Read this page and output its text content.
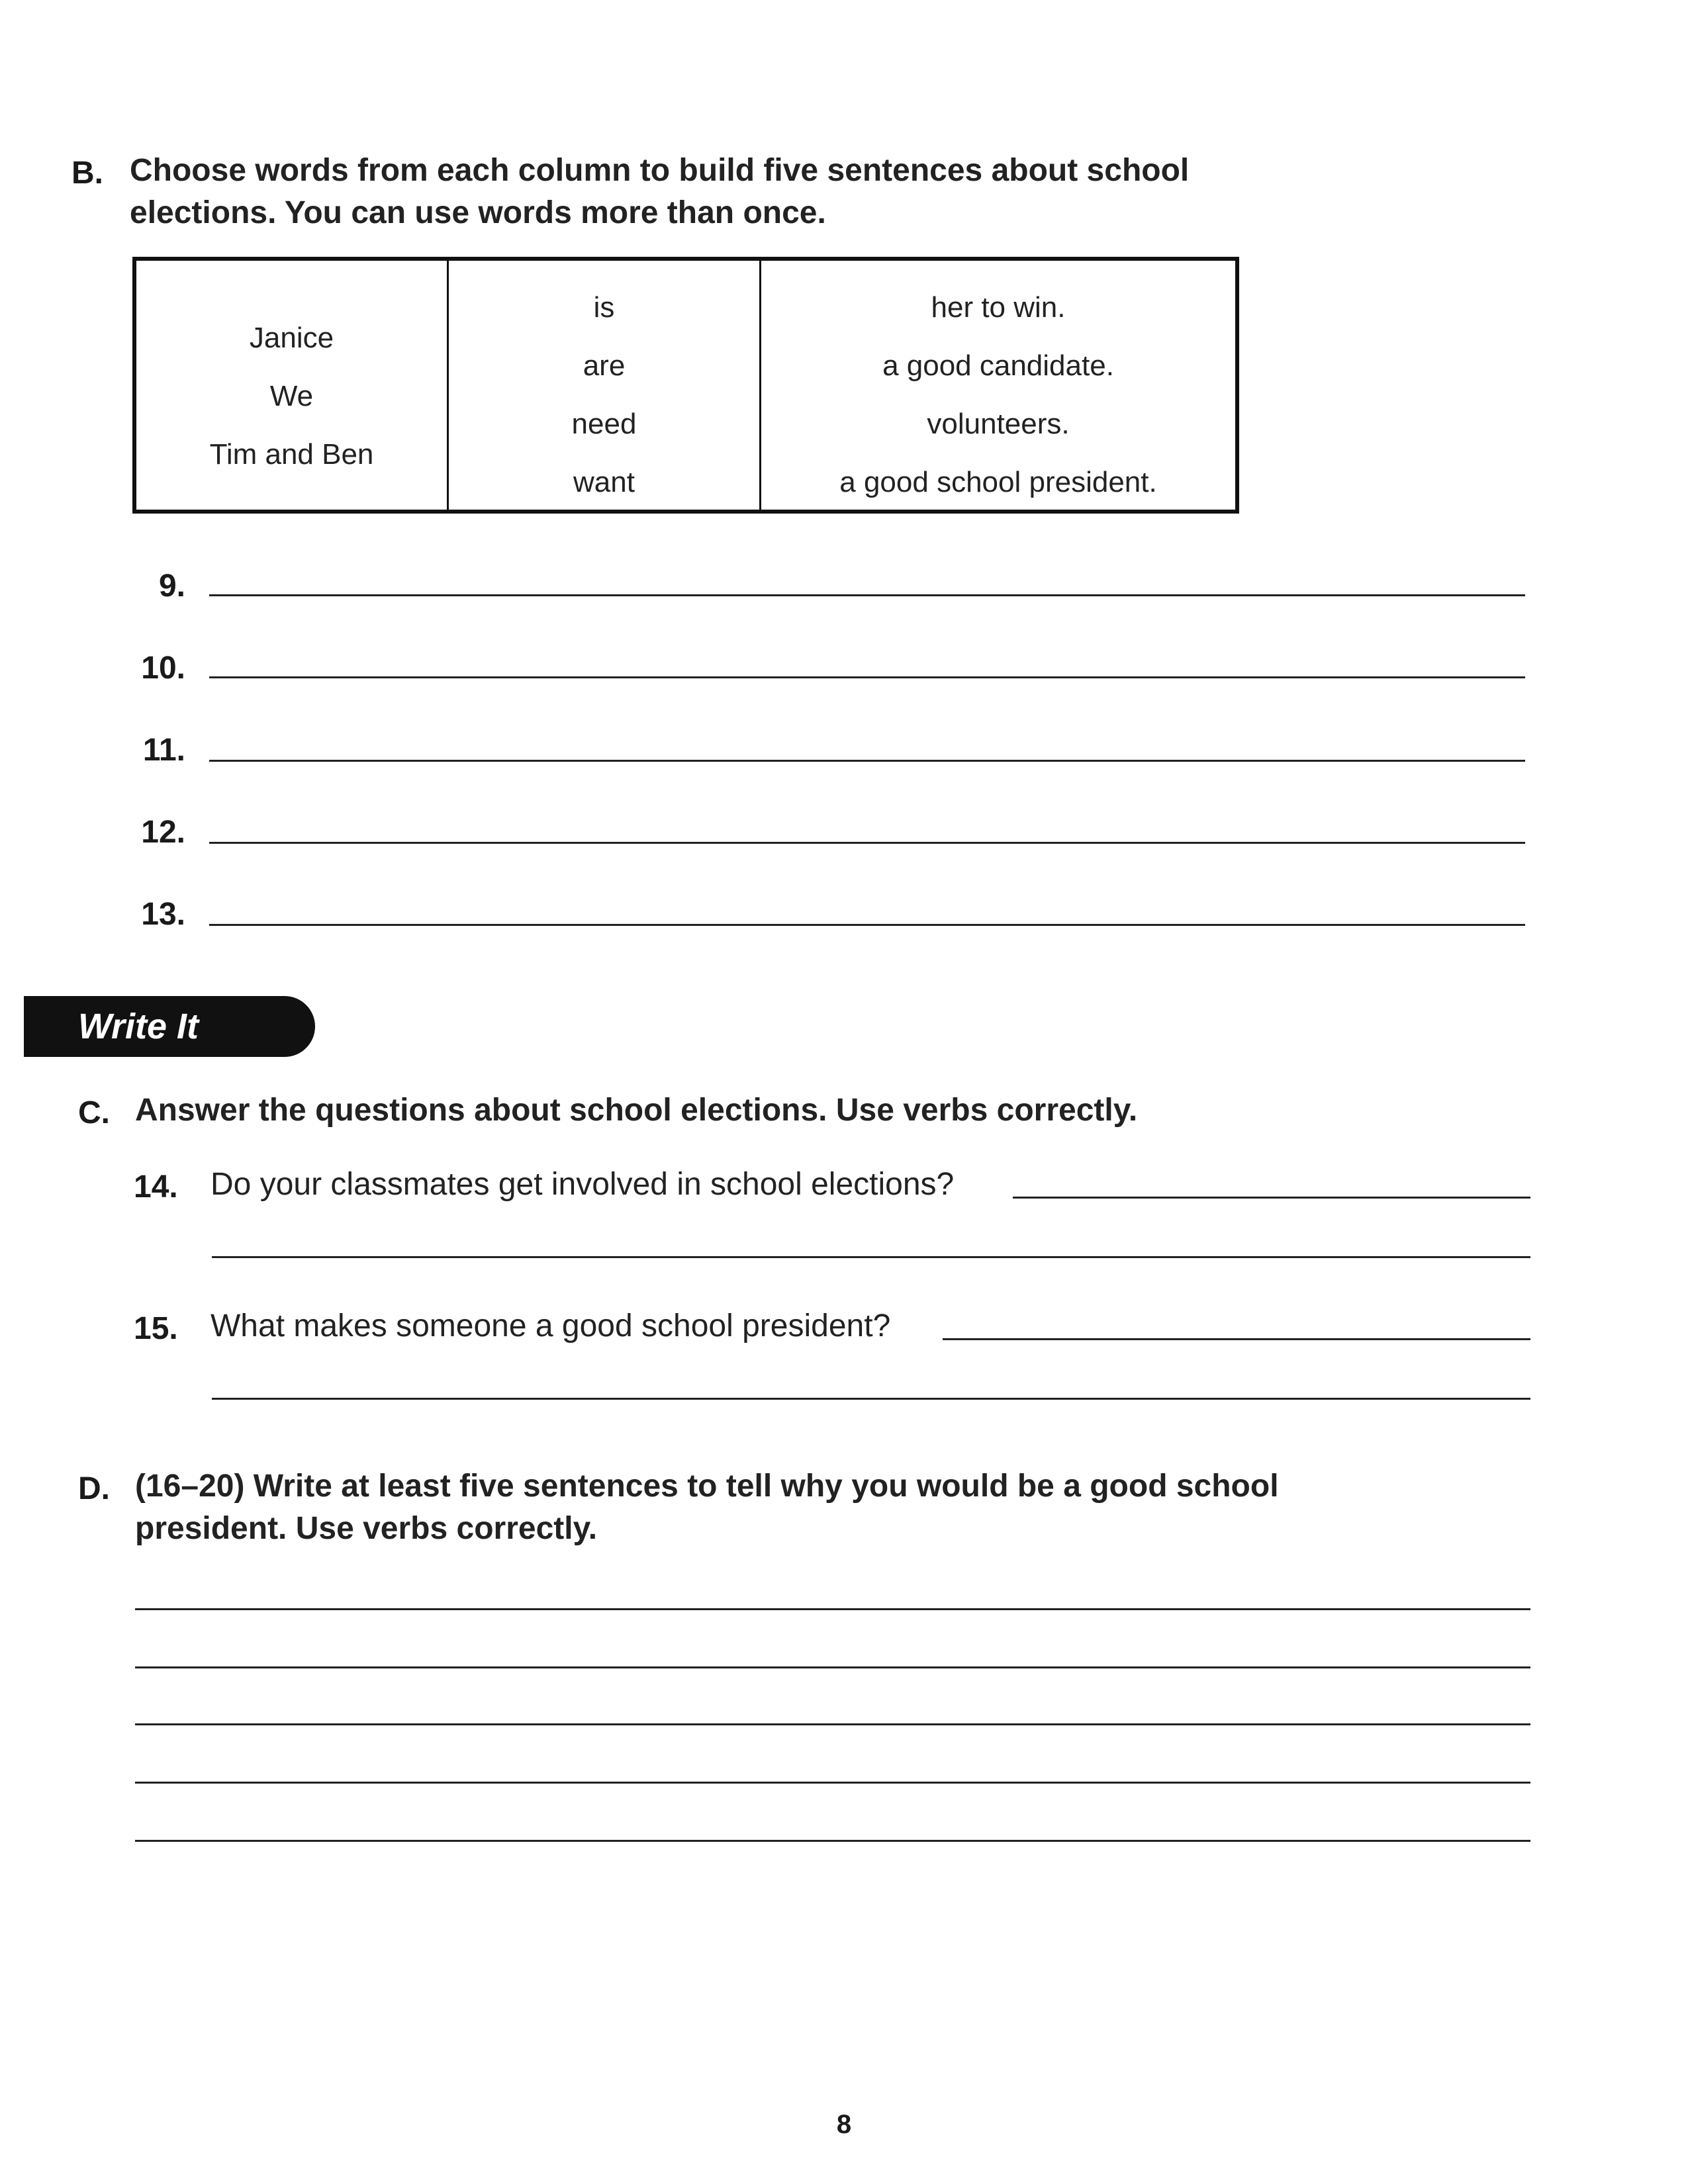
B. Choose words from each column to build five sentences about school
elections. You can use words more than once.
Janice
We
Tim and Ben
is
are
need
want
her to win.
a good candidate.
volunteers.
a good school president.
9.
10.
11.
12.
13.
Write It
C. Answer the questions about school elections. Use verbs correctly.
14. Do your classmates get involved in school elections?
15. What makes someone a good school president?
D. (16–20) Write at least five sentences to tell why you would be a good school
president. Use verbs correctly.
8
